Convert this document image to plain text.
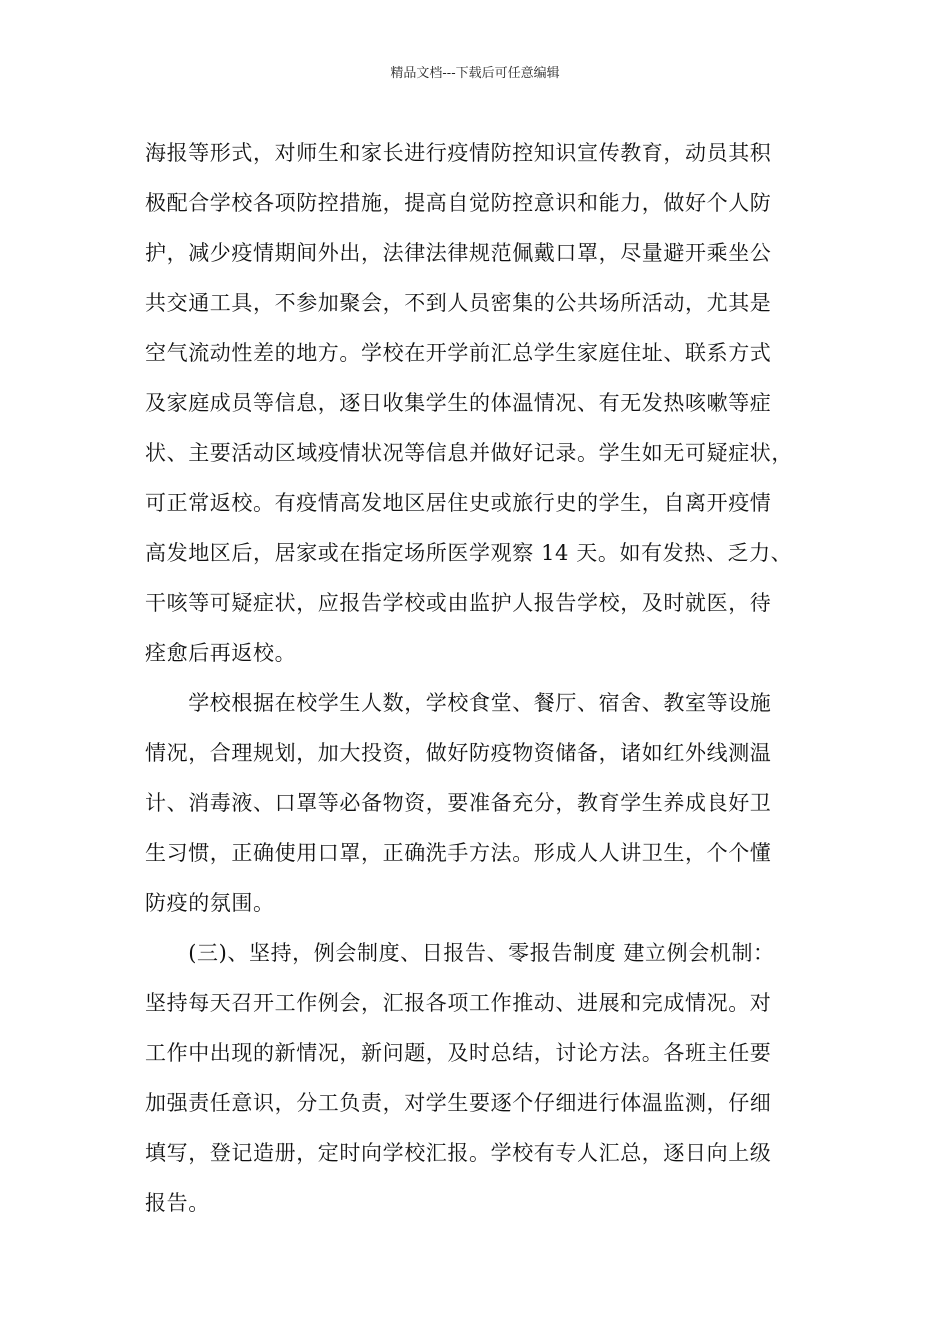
精品文档---下载后可任意编辑
海报等形式，对师生和家长进行疫情防控知识宣传教育，动员其积
极配合学校各项防控措施，提高自觉防控意识和能力，做好个人防
护，减少疫情期间外出，法律法律规范佩戴口罩，尽量避开乘坐公
共交通工具，不参加聚会，不到人员密集的公共场所活动，尤其是
空气流动性差的地方。学校在开学前汇总学生家庭住址、联系方式
及家庭成员等信息，逐日收集学生的体温情况、有无发热咳嗽等症
状、主要活动区域疫情状况等信息并做好记录。学生如无可疑症状，
可正常返校。有疫情高发地区居住史或旅行史的学生，自离开疫情
高发地区后，居家或在指定场所医学观察 14 天。如有发热、乏力、
干咳等可疑症状，应报告学校或由监护人报告学校，及时就医，待
痊愈后再返校。
　　学校根据在校学生人数，学校食堂、餐厅、宿舍、教室等设施
情况，合理规划，加大投资，做好防疫物资储备，诸如红外线测温
计、消毒液、口罩等必备物资，要准备充分，教育学生养成良好卫
生习惯，正确使用口罩，正确洗手方法。形成人人讲卫生，个个懂
防疫的氛围。
　　(三)、坚持，例会制度、日报告、零报告制度 建立例会机制：
坚持每天召开工作例会，汇报各项工作推动、进展和完成情况。对
工作中出现的新情况，新问题，及时总结，讨论方法。各班主任要
加强责任意识，分工负责，对学生要逐个仔细进行体温监测，仔细
填写，登记造册，定时向学校汇报。学校有专人汇总，逐日向上级
报告。
